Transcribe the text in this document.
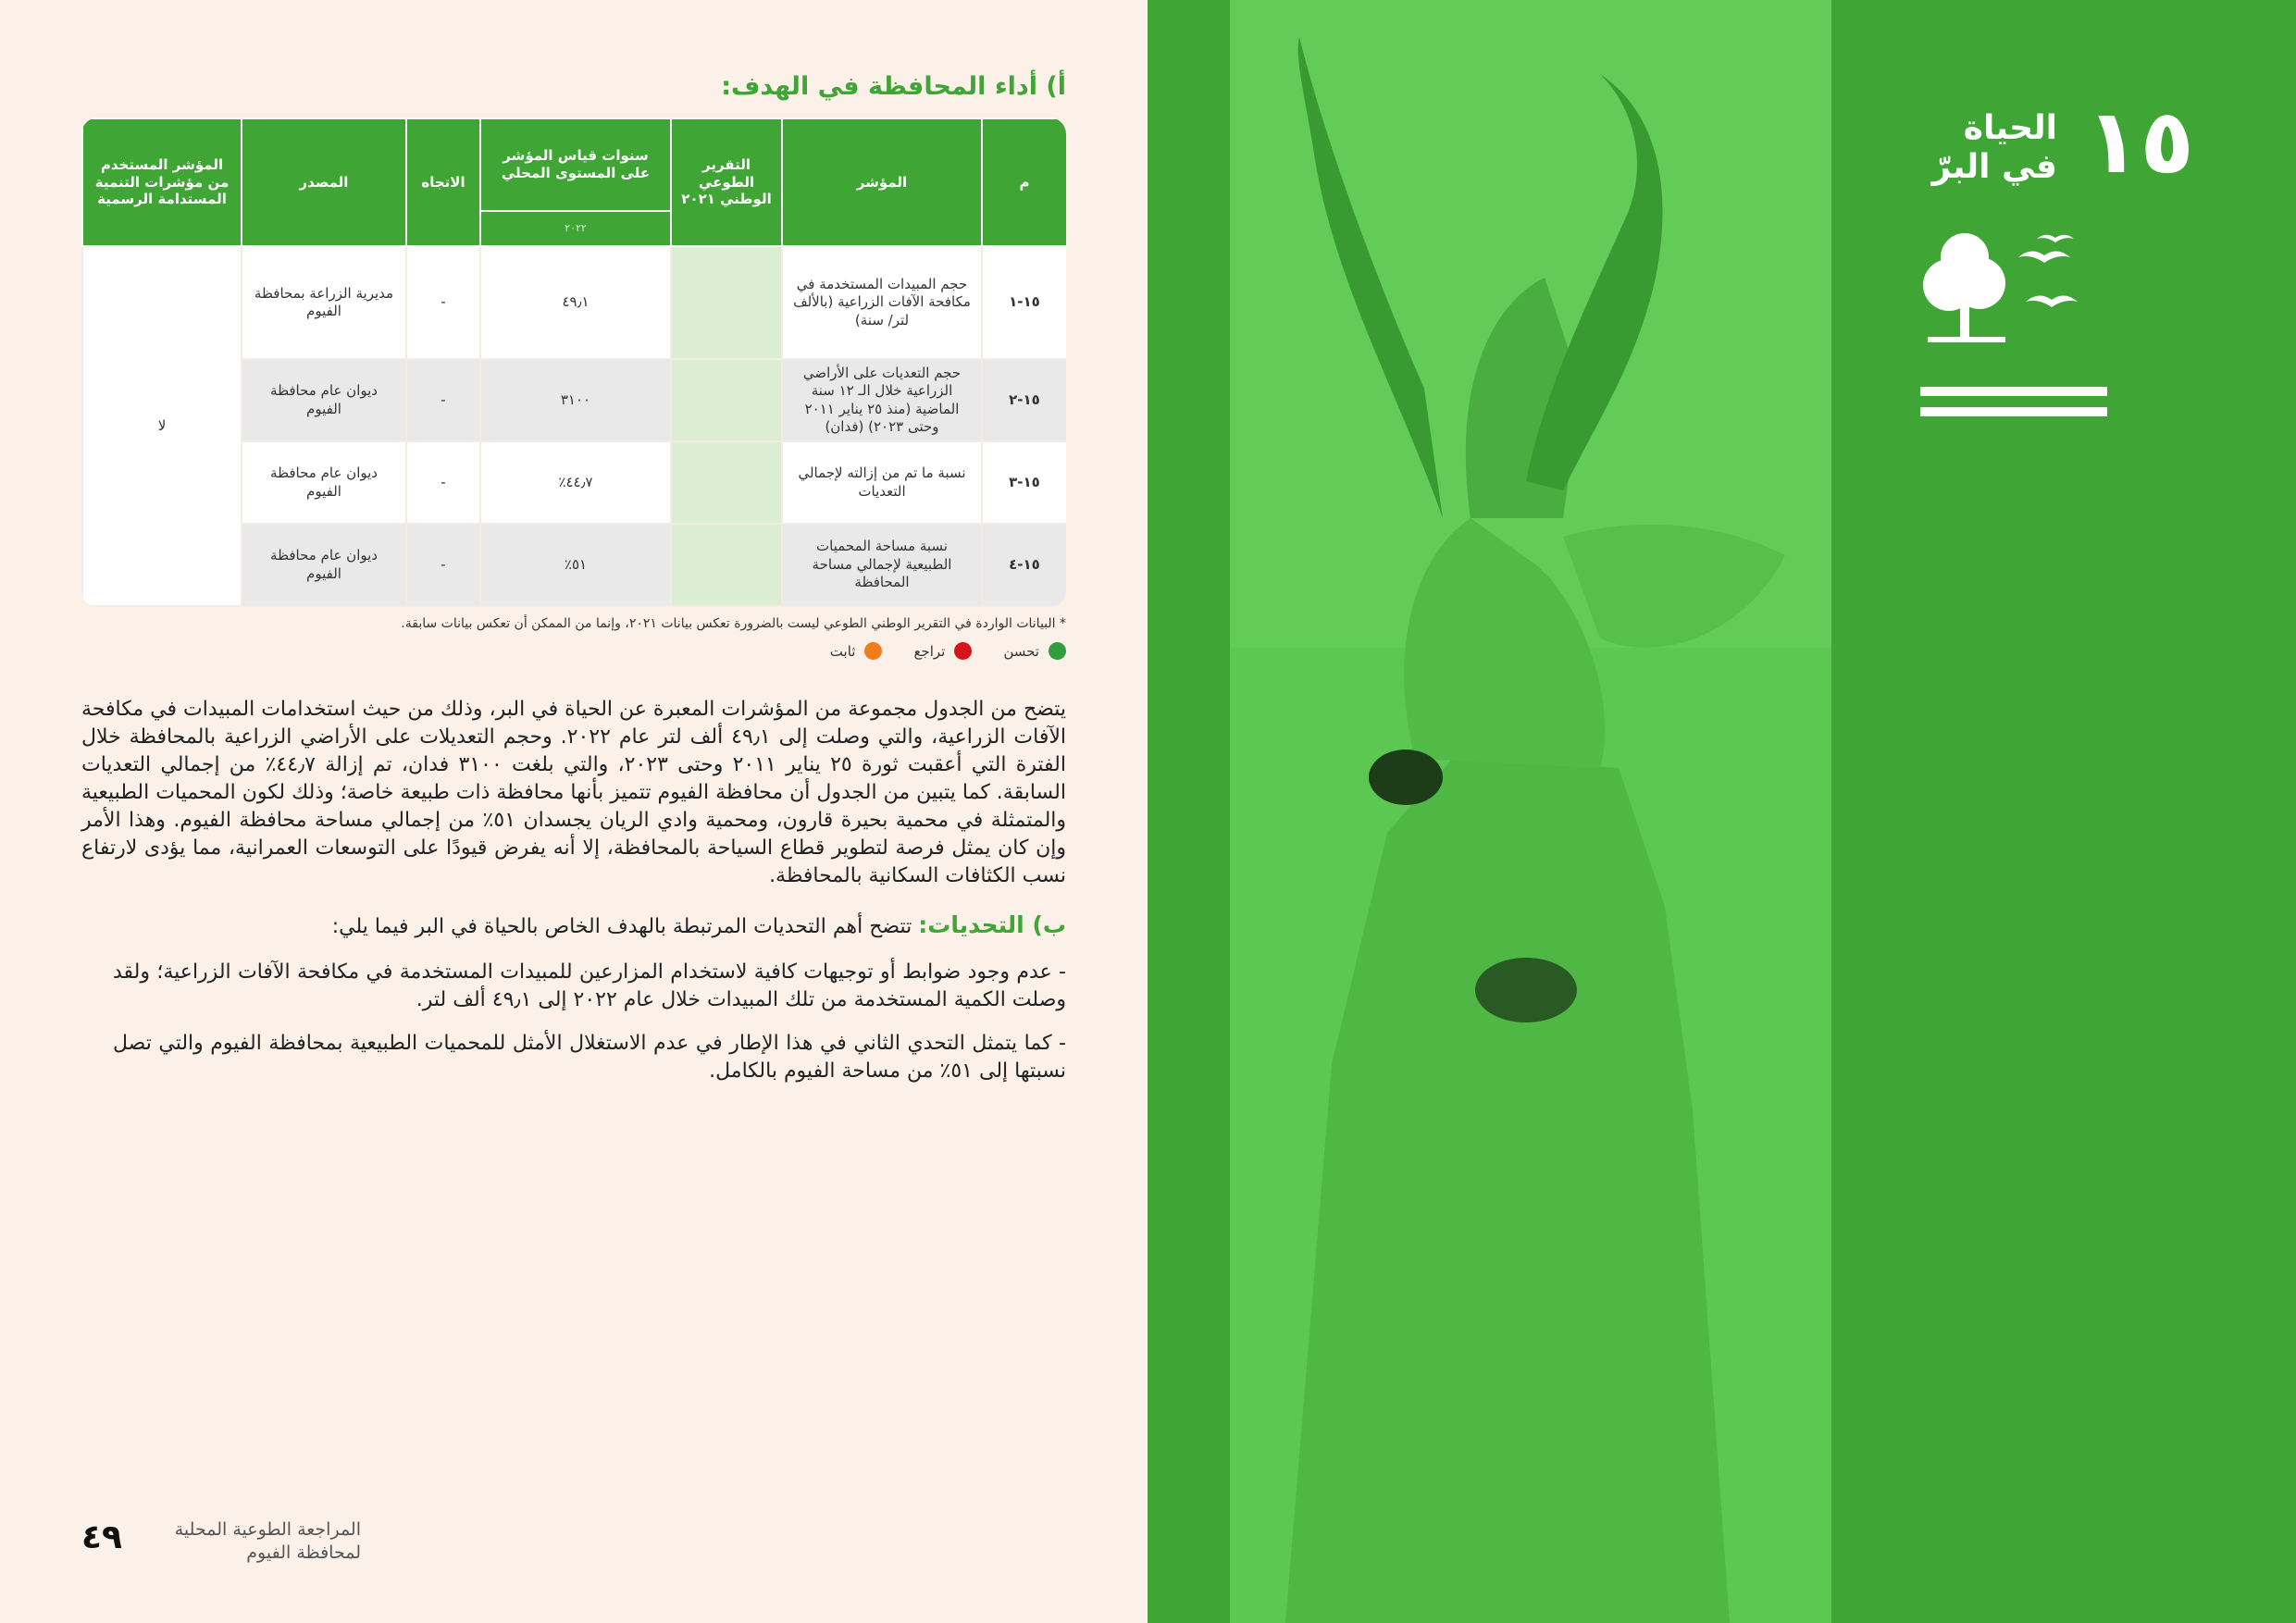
أ) أداء المحافظة في الهدف:
م	المؤشر	التقرير الطوعي الوطني ٢٠٢١	سنوات قياس المؤشر على المستوى المحلي	الاتجاه	المصدر	المؤشر المستخدم من مؤشرات التنمية المستدامة الرسمية
			٢٠٢٢			
١٥-١	حجم المبيدات المستخدمة في مكافحة الآفات الزراعية (بالألف لتر/ سنة)		٤٩٫١	-	مديرية الزراعة بمحافظة الفيوم	لا
١٥-٢	حجم التعديات على الأراضي الزراعية خلال الـ ١٢ سنة الماضية (منذ ٢٥ يناير ٢٠١١ وحتى ٢٠٢٣) (فدان)		٣١٠٠	-	ديوان عام محافظة الفيوم	
١٥-٣	نسبة ما تم من إزالته لإجمالي التعديات		٤٤٫٧٪	-	ديوان عام محافظة الفيوم	
١٥-٤	نسبة مساحة المحميات الطبيعية لإجمالي مساحة المحافظة		٥١٪	-	ديوان عام محافظة الفيوم	

* البيانات الواردة في التقرير الوطني الطوعي ليست بالضرورة تعكس بيانات ٢٠٢١، وإنما من الممكن أن تعكس بيانات سابقة.

تحسن
تراجع
ثابت

يتضح من الجدول مجموعة من المؤشرات المعبرة عن الحياة في البر، وذلك من حيث استخدامات المبيدات في مكافحة الآفات الزراعية، والتي وصلت إلى ٤٩٫١ ألف لتر عام ٢٠٢٢. وحجم التعديلات على الأراضي الزراعية بالمحافظة خلال الفترة التي أعقبت ثورة ٢٥ يناير ٢٠١١ وحتى ٢٠٢٣، والتي بلغت ٣١٠٠ فدان، تم إزالة ٤٤٫٧٪ من إجمالي التعديات السابقة. كما يتبين من الجدول أن محافظة الفيوم تتميز بأنها محافظة ذات طبيعة خاصة؛ وذلك لكون المحميات الطبيعية والمتمثلة في محمية بحيرة قارون، ومحمية وادي الريان يجسدان ٥١٪ من إجمالي مساحة محافظة الفيوم. وهذا الأمر وإن كان يمثل فرصة لتطوير قطاع السياحة بالمحافظة، إلا أنه يفرض قيودًا على التوسعات العمرانية، مما يؤدى لارتفاع نسب الكثافات السكانية بالمحافظة.

ب) التحديات: تتضح أهم التحديات المرتبطة بالهدف الخاص بالحياة في البر فيما يلي:

- عدم وجود ضوابط أو توجيهات كافية لاستخدام المزارعين للمبيدات المستخدمة في مكافحة الآفات الزراعية؛ ولقد وصلت الكمية المستخدمة من تلك المبيدات خلال عام ٢٠٢٢ إلى ٤٩٫١ ألف لتر.

- كما يتمثل التحدي الثاني في هذا الإطار في عدم الاستغلال الأمثل للمحميات الطبيعية بمحافظة الفيوم والتي تصل نسبتها إلى ٥١٪ من مساحة الفيوم بالكامل.

المراجعة الطوعية المحلية
لمحافظة الفيوم
٤٩
١٥
الحياة
في البرّ
